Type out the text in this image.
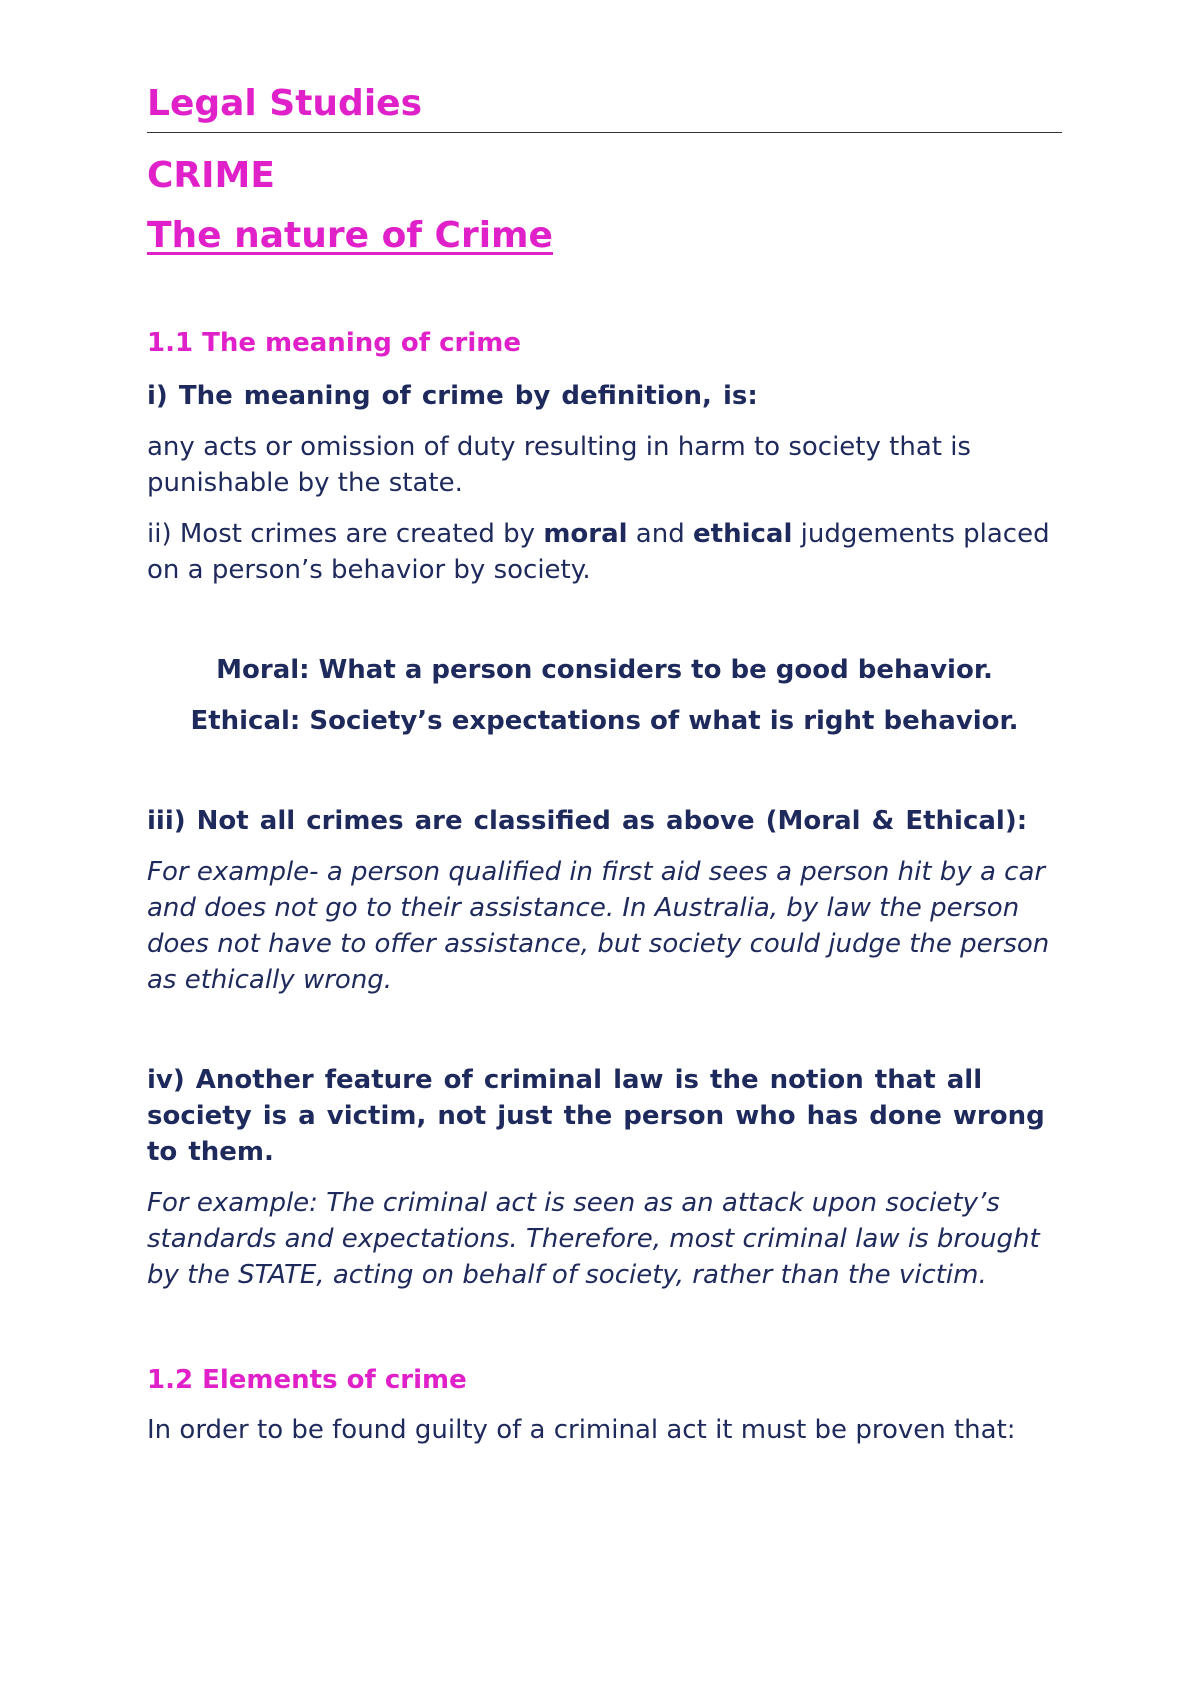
Legal Studies
CRIME
The nature of Crime
1.1 The meaning of crime

i) The meaning of crime by definition, is:

any acts or omission of duty resulting in harm to society that is punishable by the state.

ii) Most crimes are created by moral and ethical judgements placed on a person’s behavior by society.

Moral: What a person considers to be good behavior.

Ethical: Society’s expectations of what is right behavior.

iii) Not all crimes are classified as above (Moral & Ethical):

For example- a person qualified in first aid sees a person hit by a car and does not go to their assistance. In Australia, by law the person does not have to offer assistance, but society could judge the person as ethically wrong.

iv) Another feature of criminal law is the notion that all society is a victim, not just the person who has done wrong to them.

For example: The criminal act is seen as an attack upon society’s standards and expectations. Therefore, most criminal law is brought by the STATE, acting on behalf of society, rather than the victim.

1.2 Elements of crime

In order to be found guilty of a criminal act it must be proven that:
